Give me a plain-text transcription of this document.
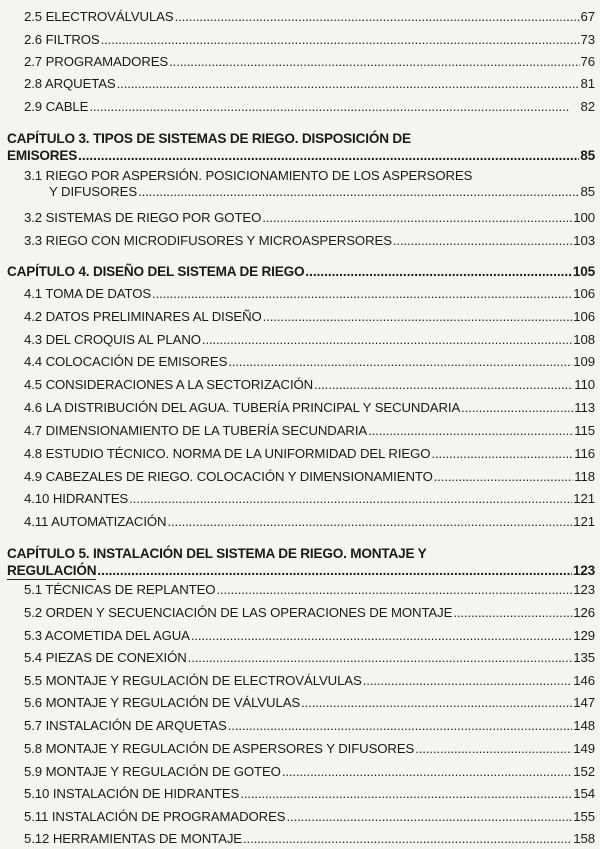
2.5 ELECTROVÁLVULAS . . .	67
2.6 FILTROS . . .	73
2.7 PROGRAMADORES . . .	76
2.8 ARQUETAS . . .	81
2.9 CABLE . . .	82
CAPÍTULO 3. TIPOS DE SISTEMAS DE RIEGO. DISPOSICIÓN DE
EMISORES . . .	85
3.1 RIEGO POR ASPERSIÓN. POSICIONAMIENTO DE LOS ASPERSORES
Y DIFUSORES . . .	85
3.2 SISTEMAS DE RIEGO POR GOTEO . . .	100
3.3 RIEGO CON MICRODIFUSORES Y MICROASPERSORES . . .	103
CAPÍTULO 4. DISEÑO DEL SISTEMA DE RIEGO . . .	105
4.1 TOMA DE DATOS . . .	106
4.2 DATOS PRELIMINARES AL DISEÑO . . .	106
4.3 DEL CROQUIS AL PLANO . . .	108
4.4 COLOCACIÓN DE EMISORES . . .	109
4.5 CONSIDERACIONES A LA SECTORIZACIÓN . . .	110
4.6 LA DISTRIBUCIÓN DEL AGUA. TUBERÍA PRINCIPAL Y SECUNDARIA . . .	113
4.7 DIMENSIONAMIENTO DE LA TUBERÍA SECUNDARIA . . .	115
4.8 ESTUDIO TÉCNICO. NORMA DE LA UNIFORMIDAD DEL RIEGO . . .	116
4.9 CABEZALES DE RIEGO. COLOCACIÓN Y DIMENSIONAMIENTO . . .	118
4.10 HIDRANTES . . .	121
4.11 AUTOMATIZACIÓN . . .	121
CAPÍTULO 5. INSTALACIÓN DEL SISTEMA DE RIEGO. MONTAJE Y
REGULACIÓN . . .	123
5.1 TÉCNICAS DE REPLANTEO . . .	123
5.2 ORDEN Y SECUENCIACIÓN DE LAS OPERACIONES DE MONTAJE . . .	126
5.3 ACOMETIDA DEL AGUA . . .	129
5.4 PIEZAS DE CONEXIÓN . . .	135
5.5 MONTAJE Y REGULACIÓN DE ELECTROVÁLVULAS . . .	146
5.6 MONTAJE Y REGULACIÓN DE VÁLVULAS . . .	147
5.7 INSTALACIÓN DE ARQUETAS . . .	148
5.8 MONTAJE Y REGULACIÓN DE ASPERSORES Y DIFUSORES . . .	149
5.9 MONTAJE Y REGULACIÓN DE GOTEO . . .	152
5.10 INSTALACIÓN DE HIDRANTES . . .	154
5.11 INSTALACIÓN DE PROGRAMADORES . . .	155
5.12 HERRAMIENTAS DE MONTAJE . . .	158
